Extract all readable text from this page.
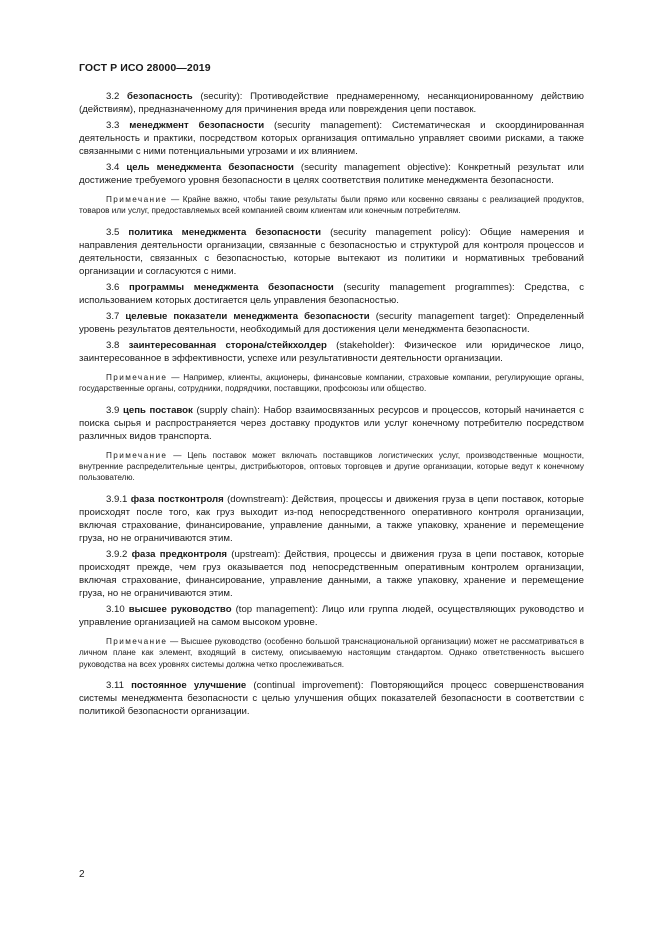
ГОСТ Р ИСО 28000—2019

3.2 безопасность (security): Противодействие преднамеренному, несанкционированному действию (действиям), предназначенному для причинения вреда или повреждения цепи поставок.

3.3 менеджмент безопасности (security management): Систематическая и скоординированная деятельность и практики, посредством которых организация оптимально управляет своими рисками, а также связанными с ними потенциальными угрозами и их влиянием.

3.4 цель менеджмента безопасности (security management objective): Конкретный результат или достижение требуемого уровня безопасности в целях соответствия политике менеджмента безопасности.

Примечание — Крайне важно, чтобы такие результаты были прямо или косвенно связаны с реализацией продуктов, товаров или услуг, предоставляемых всей компанией своим клиентам или конечным потребителям.

3.5 политика менеджмента безопасности (security management policy): Общие намерения и направления деятельности организации, связанные с безопасностью и структурой для контроля процессов и деятельности, связанных с безопасностью, которые вытекают из политики и нормативных требований организации и согласуются с ними.

3.6 программы менеджмента безопасности (security management programmes): Средства, с использованием которых достигается цель управления безопасностью.

3.7 целевые показатели менеджмента безопасности (security management target): Определенный уровень результатов деятельности, необходимый для достижения цели менеджмента безопасности.

3.8 заинтересованная сторона/стейкхолдер (stakeholder): Физическое или юридическое лицо, заинтересованное в эффективности, успехе или результативности деятельности организации.

Примечание — Например, клиенты, акционеры, финансовые компании, страховые компании, регулирующие органы, государственные органы, сотрудники, подрядчики, поставщики, профсоюзы или общество.

3.9 цепь поставок (supply chain): Набор взаимосвязанных ресурсов и процессов, который начинается с поиска сырья и распространяется через доставку продуктов или услуг конечному потребителю посредством различных видов транспорта.

Примечание — Цепь поставок может включать поставщиков логистических услуг, производственные мощности, внутренние распределительные центры, дистрибьюторов, оптовых торговцев и другие организации, которые ведут к конечному пользователю.

3.9.1 фаза постконтроля (downstream): Действия, процессы и движения груза в цепи поставок, которые происходят после того, как груз выходит из-под непосредственного оперативного контроля организации, включая страхование, финансирование, управление данными, а также упаковку, хранение и перемещение груза, но не ограничиваются этим.

3.9.2 фаза предконтроля (upstream): Действия, процессы и движения груза в цепи поставок, которые происходят прежде, чем груз оказывается под непосредственным оперативным контролем организации, включая страхование, финансирование, управление данными, а также упаковку, хранение и перемещение груза, но не ограничиваются этим.

3.10 высшее руководство (top management): Лицо или группа людей, осуществляющих руководство и управление организацией на самом высоком уровне.

Примечание — Высшее руководство (особенно большой транснациональной организации) может не рассматриваться в личном плане как элемент, входящий в систему, описываемую настоящим стандартом. Однако ответственность высшего руководства на всех уровнях системы должна четко прослеживаться.

3.11 постоянное улучшение (continual improvement): Повторяющийся процесс совершенствования системы менеджмента безопасности с целью улучшения общих показателей безопасности в соответствии с политикой безопасности организации.

2
